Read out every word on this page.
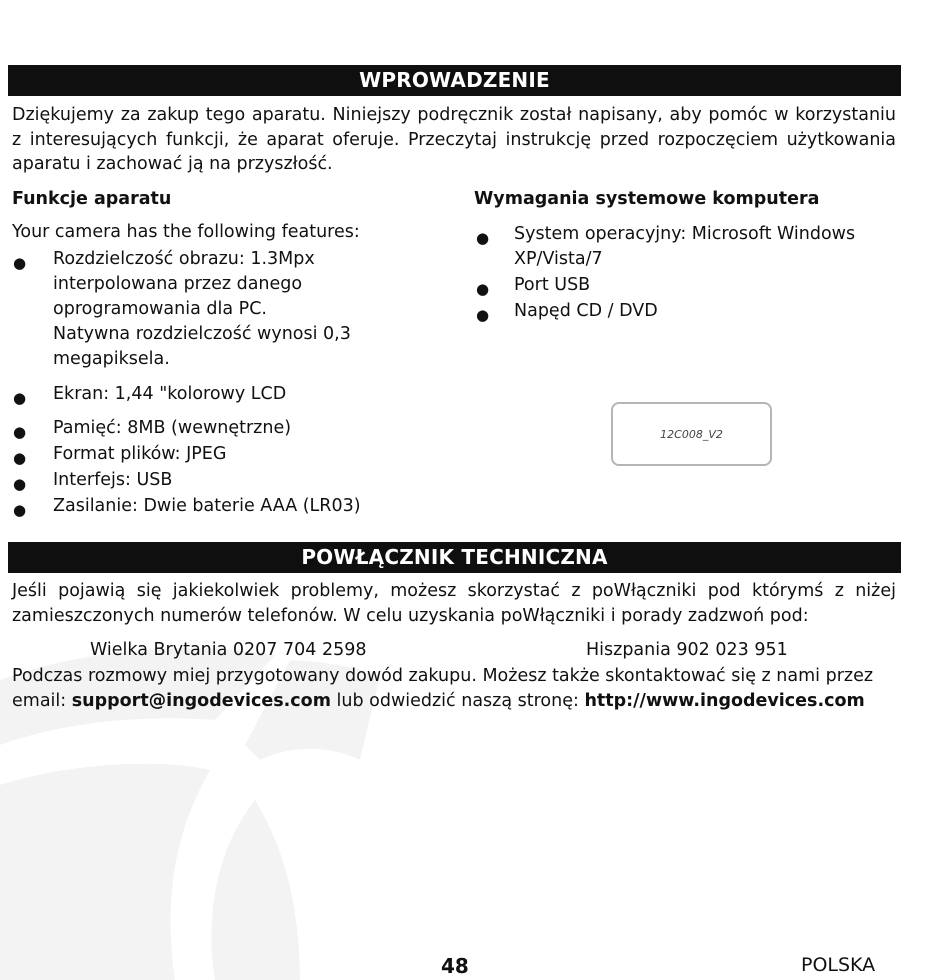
WPROWADZENIE
Dziękujemy za zakup tego aparatu. Niniejszy podręcznik został napisany, aby pomóc w korzystaniu z interesujących funkcji, że aparat oferuje. Przeczytaj instrukcję przed rozpoczęciem użytkowania aparatu i zachować ją na przyszłość.
Funkcje aparatu
Your camera has the following features:
● Rozdzielczość obrazu: 1.3Mpx
interpolowana przez danego
oprogramowania dla PC.
Natywna rozdzielczość wynosi 0,3
megapiksela.
● Ekran: 1,44 "kolorowy LCD
● Pamięć: 8MB (wewnętrzne)
● Format plików: JPEG
● Interfejs: USB
● Zasilanie: Dwie baterie AAA (LR03)
Wymagania systemowe komputera
● System operacyjny: Microsoft Windows
XP/Vista/7
● Port USB
● Napęd CD / DVD
12C008_V2
POWŁĄCZNIK TECHNICZNA
Jeśli pojawią się jakiekolwiek problemy, możesz skorzystać z poWłączniki pod którymś z niżej zamieszczonych numerów telefonów. W celu uzyskania poWłączniki i porady zadzwoń pod:
Wielka Brytania 0207 704 2598	Hiszpania 902 023 951
Podczas rozmowy miej przygotowany dowód zakupu. Możesz także skontaktować się z nami przez email: support@ingodevices.com lub odwiedzić naszą stronę: http://www.ingodevices.com
48	POLSKA
